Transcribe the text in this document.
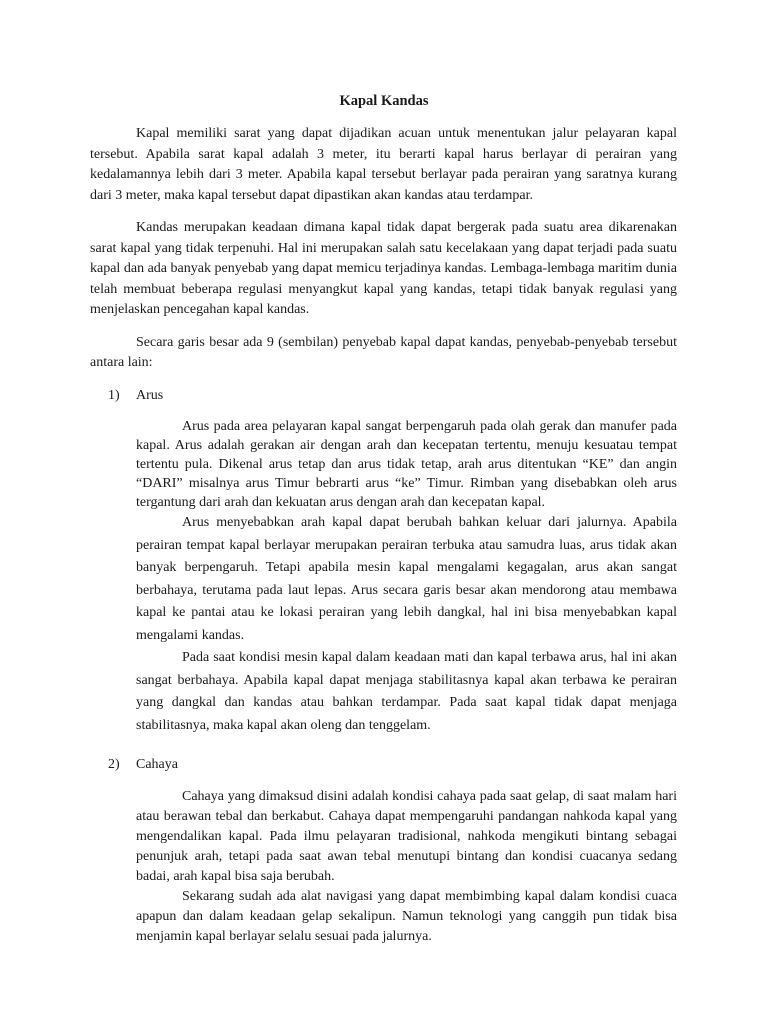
Kapal Kandas

Kapal memiliki sarat yang dapat dijadikan acuan untuk menentukan jalur pelayaran kapal tersebut. Apabila sarat kapal adalah 3 meter, itu berarti kapal harus berlayar di perairan yang kedalamannya lebih dari 3 meter. Apabila kapal tersebut berlayar pada perairan yang saratnya kurang dari 3 meter, maka kapal tersebut dapat dipastikan akan kandas atau terdampar.

Kandas merupakan keadaan dimana kapal tidak dapat bergerak pada suatu area dikarenakan sarat kapal yang tidak terpenuhi. Hal ini merupakan salah satu kecelakaan yang dapat terjadi pada suatu kapal dan ada banyak penyebab yang dapat memicu terjadinya kandas. Lembaga-lembaga maritim dunia telah membuat beberapa regulasi menyangkut kapal yang kandas, tetapi tidak banyak regulasi yang menjelaskan pencegahan kapal kandas.

Secara garis besar ada 9 (sembilan) penyebab kapal dapat kandas, penyebab-penyebab tersebut antara lain:

1)	Arus

Arus pada area pelayaran kapal sangat berpengaruh pada olah gerak dan manufer pada kapal. Arus adalah gerakan air dengan arah dan kecepatan tertentu, menuju kesuatau tempat tertentu pula. Dikenal arus tetap dan arus tidak tetap, arah arus ditentukan “KE” dan angin “DARI” misalnya arus Timur bebrarti arus “ke” Timur. Rimban yang disebabkan oleh arus tergantung dari arah dan kekuatan arus dengan arah dan kecepatan kapal.

Arus menyebabkan arah kapal dapat berubah bahkan keluar dari jalurnya. Apabila perairan tempat kapal berlayar merupakan perairan terbuka atau samudra luas, arus tidak akan banyak berpengaruh. Tetapi apabila mesin kapal mengalami kegagalan, arus akan sangat berbahaya, terutama pada laut lepas. Arus secara garis besar akan mendorong atau membawa kapal ke pantai atau ke lokasi perairan yang lebih dangkal, hal ini bisa menyebabkan kapal mengalami kandas.

Pada saat kondisi mesin kapal dalam keadaan mati dan kapal terbawa arus, hal ini akan sangat berbahaya. Apabila kapal dapat menjaga stabilitasnya kapal akan terbawa ke perairan yang dangkal dan kandas atau bahkan terdampar. Pada saat kapal tidak dapat menjaga stabilitasnya, maka kapal akan oleng dan tenggelam.

2)	Cahaya

Cahaya yang dimaksud disini adalah kondisi cahaya pada saat gelap, di saat malam hari atau berawan tebal dan berkabut. Cahaya dapat mempengaruhi pandangan nahkoda kapal yang mengendalikan kapal. Pada ilmu pelayaran tradisional, nahkoda mengikuti bintang sebagai penunjuk arah, tetapi pada saat awan tebal menutupi bintang dan kondisi cuacanya sedang badai, arah kapal bisa saja berubah.

Sekarang sudah ada alat navigasi yang dapat membimbing kapal dalam kondisi cuaca apapun dan dalam keadaan gelap sekalipun. Namun teknologi yang canggih pun tidak bisa menjamin kapal berlayar selalu sesuai pada jalurnya.
